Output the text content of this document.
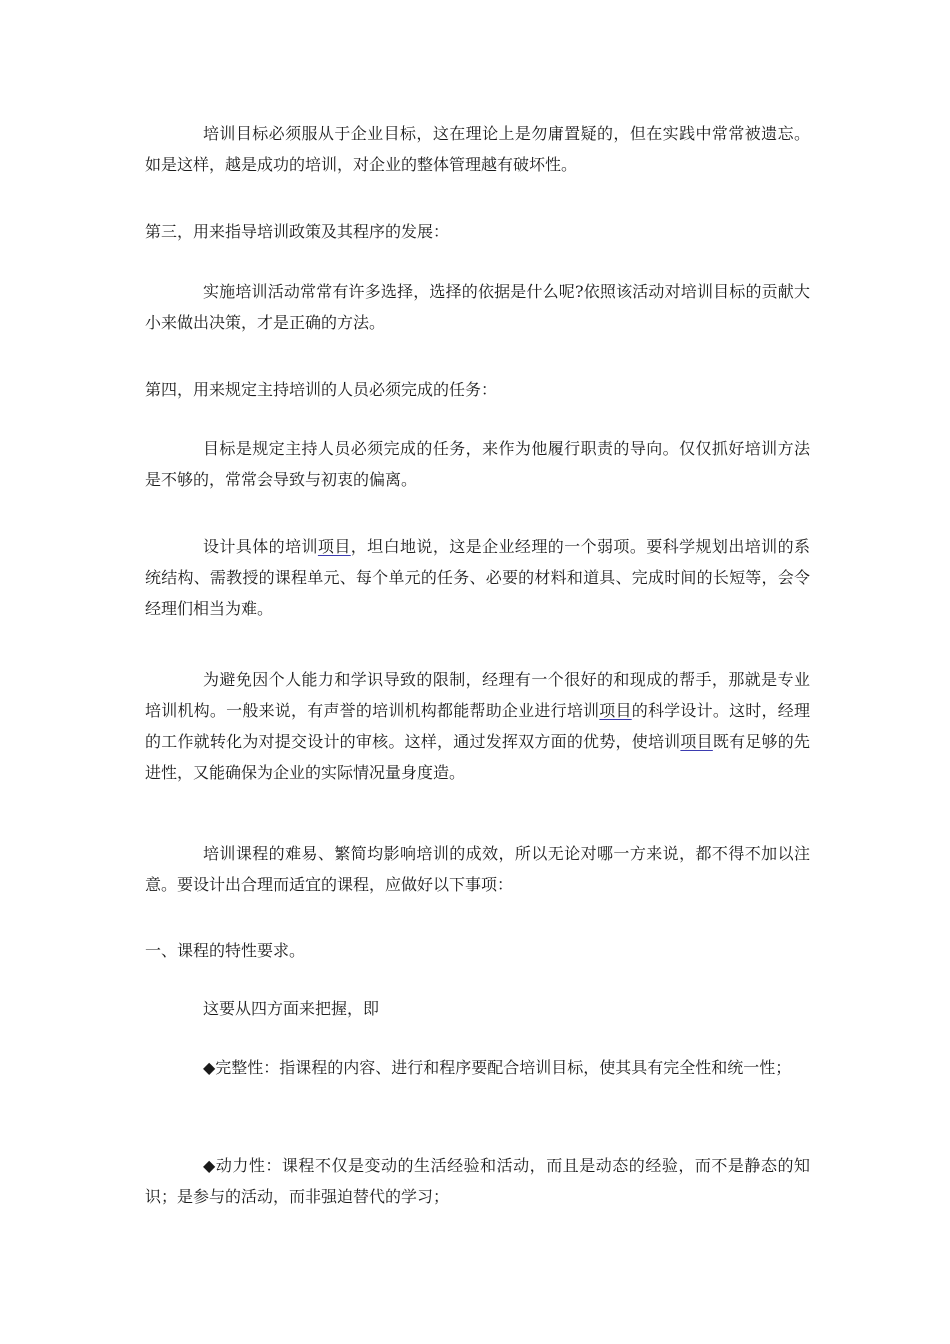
培训目标必须服从于企业目标，这在理论上是勿庸置疑的，但在实践中常常被遗忘。如是这样，越是成功的培训，对企业的整体管理越有破坏性。

第三，用来指导培训政策及其程序的发展：

实施培训活动常常有许多选择，选择的依据是什么呢?依照该活动对培训目标的贡献大小来做出决策，才是正确的方法。

第四，用来规定主持培训的人员必须完成的任务：

目标是规定主持人员必须完成的任务，来作为他履行职责的导向。仅仅抓好培训方法是不够的，常常会导致与初衷的偏离。

设计具体的培训项目，坦白地说，这是企业经理的一个弱项。要科学规划出培训的系统结构、需教授的课程单元、每个单元的任务、必要的材料和道具、完成时间的长短等，会令经理们相当为难。

为避免因个人能力和学识导致的限制，经理有一个很好的和现成的帮手，那就是专业培训机构。一般来说，有声誉的培训机构都能帮助企业进行培训项目的科学设计。这时，经理的工作就转化为对提交设计的审核。这样，通过发挥双方面的优势，使培训项目既有足够的先进性，又能确保为企业的实际情况量身度造。

培训课程的难易、繁简均影响培训的成效，所以无论对哪一方来说，都不得不加以注意。要设计出合理而适宜的课程，应做好以下事项：

一、课程的特性要求。

这要从四方面来把握，即

◆完整性：指课程的内容、进行和程序要配合培训目标，使其具有完全性和统一性；

◆动力性：课程不仅是变动的生活经验和活动，而且是动态的经验，而不是静态的知识；是参与的活动，而非强迫替代的学习；
